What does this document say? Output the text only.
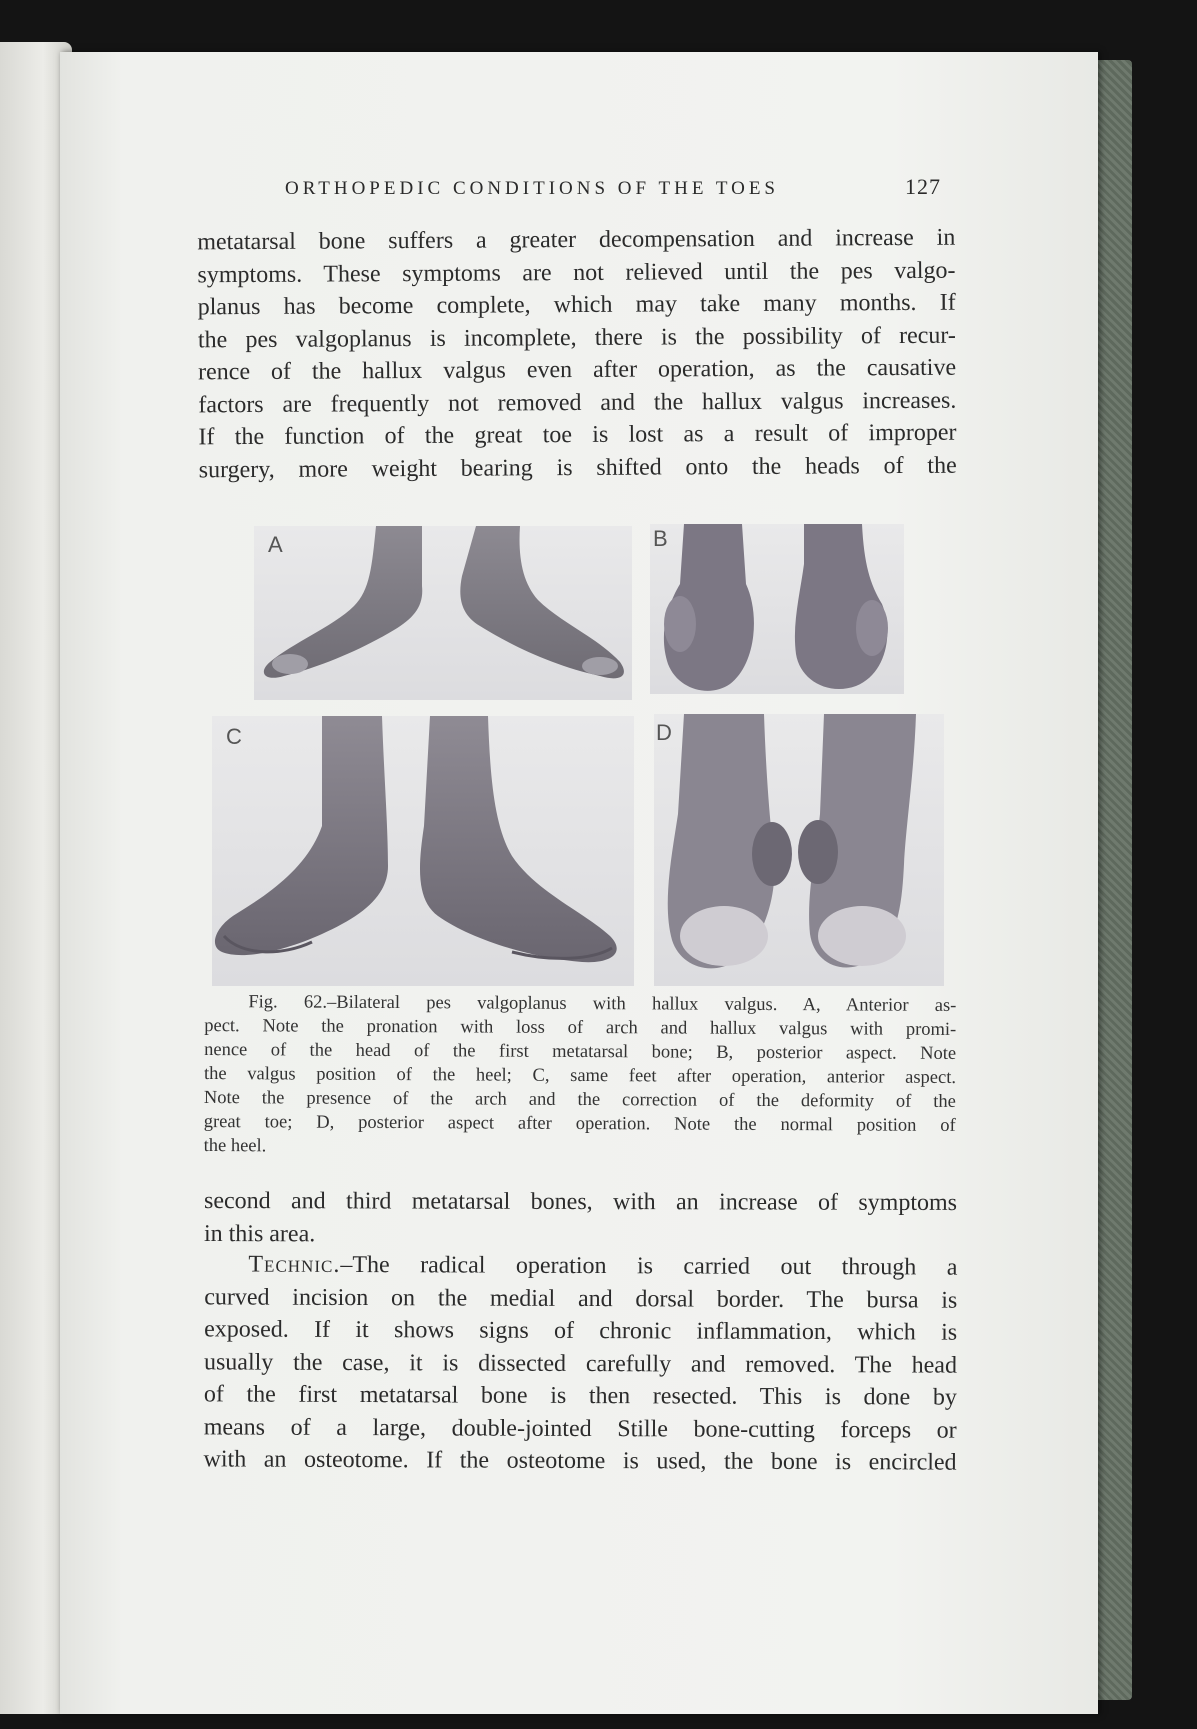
ORTHOPEDIC CONDITIONS OF THE TOES	127

metatarsal bone suffers a greater decompensation and increase in
symptoms. These symptoms are not relieved until the pes valgo-
planus has become complete, which may take many months. If
the pes valgoplanus is incomplete, there is the possibility of recur-
rence of the hallux valgus even after operation, as the causative
factors are frequently not removed and the hallux valgus increases.
If the function of the great toe is lost as a result of improper
surgery, more weight bearing is shifted onto the heads of the

A	B
C	D

Fig. 62.–Bilateral pes valgoplanus with hallux valgus. A, Anterior as-
pect. Note the pronation with loss of arch and hallux valgus with promi-
nence of the head of the first metatarsal bone; B, posterior aspect. Note
the valgus position of the heel; C, same feet after operation, anterior aspect.
Note the presence of the arch and the correction of the deformity of the
great toe; D, posterior aspect after operation. Note the normal position of
the heel.

second and third metatarsal bones, with an increase of symptoms
in this area.

Technic.–The radical operation is carried out through a
curved incision on the medial and dorsal border. The bursa is
exposed. If it shows signs of chronic inflammation, which is
usually the case, it is dissected carefully and removed. The head
of the first metatarsal bone is then resected. This is done by
means of a large, double-jointed Stille bone-cutting forceps or
with an osteotome. If the osteotome is used, the bone is encircled
